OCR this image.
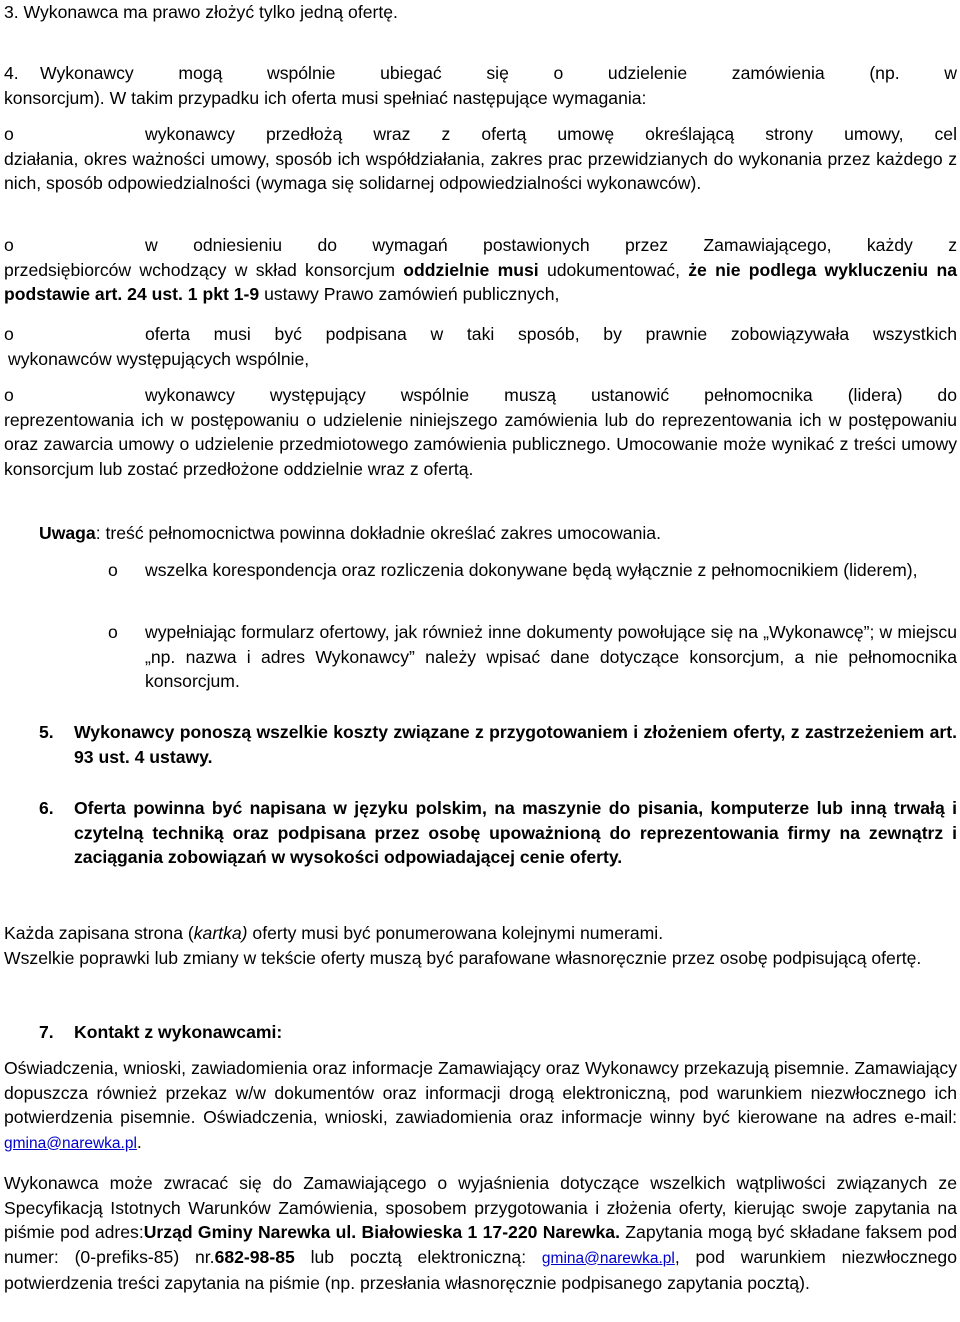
3. Wykonawca ma prawo złożyć tylko jedną ofertę.
4. Wykonawcy mogą wspólnie ubiegać się o udzielenie zamówienia (np. w
konsorcjum). W takim przypadku ich oferta musi spełniać następujące wymagania:
o	wykonawcy przedłożą wraz z ofertą umowę określającą strony umowy, cel
działania, okres ważności umowy, sposób ich współdziałania, zakres prac przewidzianych do wykonania przez każdego z nich, sposób odpowiedzialności (wymaga się solidarnej odpowiedzialności wykonawców).
o	w odniesieniu do wymagań postawionych przez Zamawiającego, każdy z
przedsiębiorców wchodzący w skład konsorcjum oddzielnie musi udokumentować, że nie podlega wykluczeniu na podstawie art. 24 ust. 1 pkt 1-9 ustawy Prawo zamówień publicznych,
o	oferta musi być podpisana w taki sposób, by prawnie zobowiązywała wszystkich
wykonawców występujących wspólnie,
o	wykonawcy występujący wspólnie muszą ustanowić pełnomocnika (lidera) do
reprezentowania ich w postępowaniu o udzielenie niniejszego zamówienia lub do reprezentowania ich w postępowaniu oraz zawarcia umowy o udzielenie przedmiotowego zamówienia publicznego. Umocowanie może wynikać z treści umowy konsorcjum lub zostać przedłożone oddzielnie wraz z ofertą.
Uwaga: treść pełnomocnictwa powinna dokładnie określać zakres umocowania.
o	wszelka korespondencja oraz rozliczenia dokonywane będą wyłącznie z pełnomocnikiem (liderem),
o	wypełniając formularz ofertowy, jak również inne dokumenty powołujące się na „Wykonawcę”; w miejscu „np. nazwa i adres Wykonawcy” należy wpisać dane dotyczące konsorcjum, a nie pełnomocnika konsorcjum.
5.	Wykonawcy ponoszą wszelkie koszty związane z przygotowaniem i złożeniem oferty, z zastrzeżeniem art. 93 ust. 4 ustawy.
6.	Oferta powinna być napisana w języku polskim, na maszynie do pisania, komputerze lub inną trwałą i czytelną techniką oraz podpisana przez osobę upoważnioną do reprezentowania firmy na zewnątrz i zaciągania zobowiązań w wysokości odpowiadającej cenie oferty.
Każda zapisana strona (kartka) oferty musi być ponumerowana kolejnymi numerami.
Wszelkie poprawki lub zmiany w tekście oferty muszą być parafowane własnoręcznie przez osobę podpisującą ofertę.
7.	Kontakt z wykonawcami:
Oświadczenia, wnioski, zawiadomienia oraz informacje Zamawiający oraz Wykonawcy przekazują pisemnie. Zamawiający dopuszcza również przekaz w/w dokumentów oraz informacji drogą elektroniczną, pod warunkiem niezwłocznego ich potwierdzenia pisemnie. Oświadczenia, wnioski, zawiadomienia oraz informacje winny być kierowane na adres e-mail: gmina@narewka.pl.
Wykonawca może zwracać się do Zamawiającego o wyjaśnienia dotyczące wszelkich wątpliwości związanych ze Specyfikacją Istotnych Warunków Zamówienia, sposobem przygotowania i złożenia oferty, kierując swoje zapytania na piśmie pod adres:Urząd Gminy Narewka ul. Białowieska 1 17-220 Narewka. Zapytania mogą być składane faksem pod numer: (0-prefiks-85) nr.682-98-85 lub pocztą elektroniczną: gmina@narewka.pl, pod warunkiem niezwłocznego potwierdzenia treści zapytania na piśmie (np. przesłania własnoręcznie podpisanego zapytania pocztą).
